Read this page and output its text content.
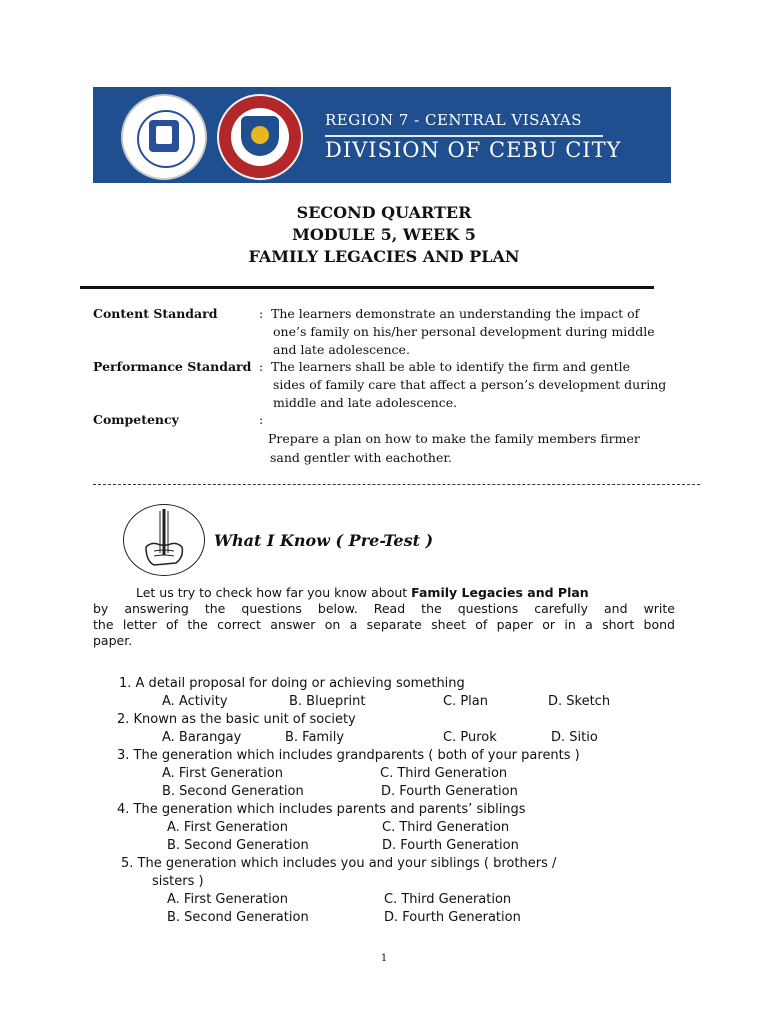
REGION 7 - CENTRAL VISAYAS
DIVISION OF CEBU CITY
SECOND QUARTER
MODULE 5, WEEK 5
FAMILY LEGACIES AND PLAN
Content Standard	: The learners demonstrate an understanding the impact of
one’s family on his/her personal development during middle
and late adolescence.
Performance Standard : The learners shall be able to identify the firm and gentle
sides of family care that affect a person’s development during
middle and late adolescence.
Competency	:
Prepare a plan on how to make the family members firmer
sand gentler with eachother.
What I Know ( Pre-Test )
Let us try to check how far you know about Family Legacies and Plan
by answering the questions below. Read the questions carefully and write
the letter of the correct answer on a separate sheet of paper or in a short bond
paper.
1. A detail proposal for doing or achieving something
A. Activity	B. Blueprint	C. Plan	D. Sketch
2. Known as the basic unit of society
A. Barangay	B. Family	C. Purok	D. Sitio
3. The generation which includes grandparents ( both of your parents )
A. First Generation	C. Third Generation
B. Second Generation	D. Fourth Generation
4. The generation which includes parents and parents’ siblings
A. First Generation	C. Third Generation
B. Second Generation	D. Fourth Generation
5. The generation which includes you and your siblings ( brothers /
sisters )
A. First Generation	C. Third Generation
B. Second Generation	D. Fourth Generation
1
